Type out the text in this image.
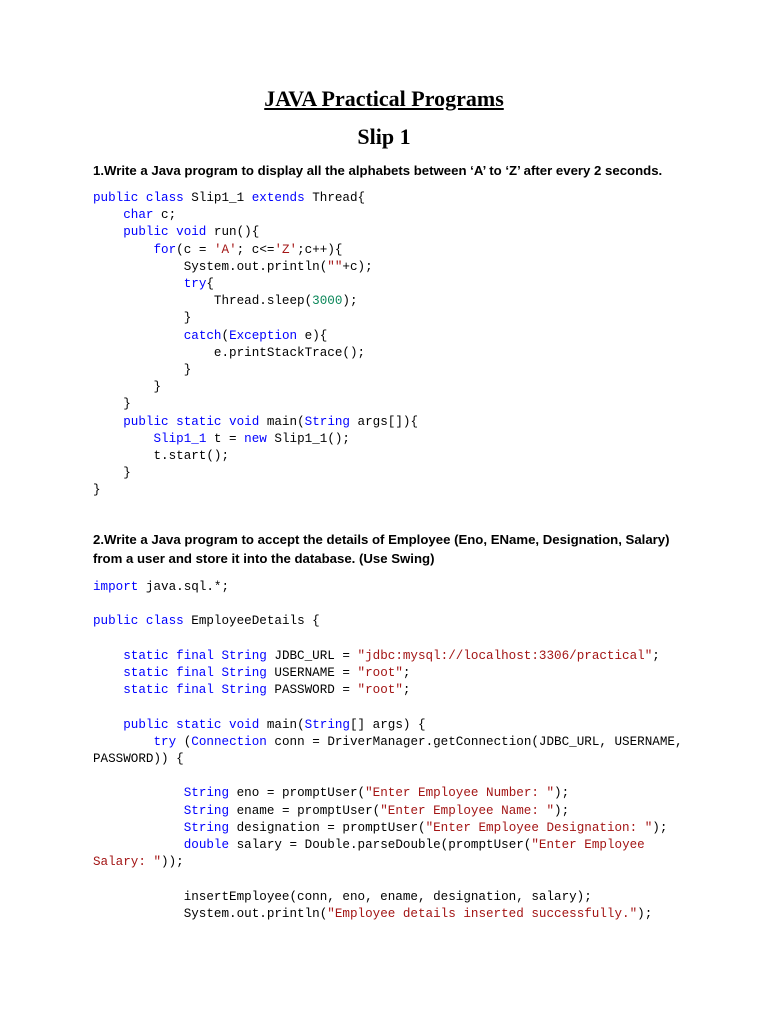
JAVA Practical Programs
Slip 1
1.Write a Java program to display all the alphabets between ‘A’ to ‘Z’ after every 2 seconds.
public class Slip1_1 extends Thread{
char c;
public void run(){
for(c = 'A'; c<='Z';c++){
System.out.println(""+c);
try{
Thread.sleep(3000);
}
catch(Exception e){
e.printStackTrace();
}
}
}
public static void main(String args[]){
Slip1_1 t = new Slip1_1();
t.start();
}
}
2.Write a Java program to accept the details of Employee (Eno, EName, Designation, Salary) from a user and store it into the database. (Use Swing)
import java.sql.*;
public class EmployeeDetails {
static final String JDBC_URL = "jdbc:mysql://localhost:3306/practical";
static final String USERNAME = "root";
static final String PASSWORD = "root";
public static void main(String[] args) {
try (Connection conn = DriverManager.getConnection(JDBC_URL, USERNAME,
PASSWORD)) {
String eno = promptUser("Enter Employee Number: ");
String ename = promptUser("Enter Employee Name: ");
String designation = promptUser("Enter Employee Designation: ");
double salary = Double.parseDouble(promptUser("Enter Employee
Salary: "));
insertEmployee(conn, eno, ename, designation, salary);
System.out.println("Employee details inserted successfully.");
